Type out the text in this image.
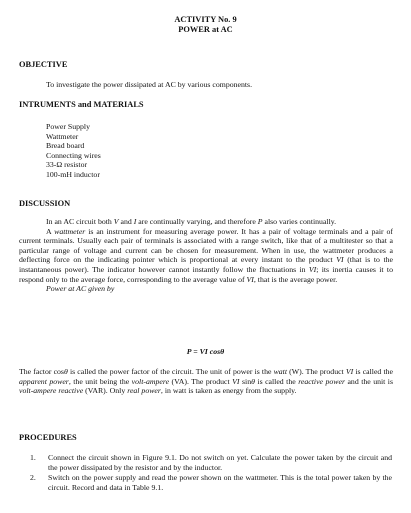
ACTIVITY No. 9
POWER at AC
OBJECTIVE
To investigate the power dissipated at AC by various components.
INTRUMENTS and MATERIALS
Power Supply
Wattmeter
Bread board
Connecting wires
33-Ω resistor
100-mH inductor
DISCUSSION

In an AC circuit both V and I are continually varying, and therefore P also varies continually.

A wattmeter is an instrument for measuring average power. It has a pair of voltage terminals and a pair of current terminals. Usually each pair of terminals is associated with a range switch, like that of a multitester so that a particular range of voltage and current can be chosen for measurement. When in use, the wattmeter produces a deflecting force on the indicating pointer which is proportional at every instant to the product VI (that is to the instantaneous power). The indicator however cannot instantly follow the fluctuations in VI; its inertia causes it to respond only to the average force, corresponding to the average value of VI, that is the average power.

Power at AC given by

P = VI cosθ

The factor cosθ is called the power factor of the circuit. The unit of power is the watt (W). The product VI is called the apparent power, the unit being the volt-ampere (VA). The product VI sinθ is called the reactive power and the unit is volt-ampere reactive (VAR). Only real power, in watt is taken as energy from the supply.

PROCEDURES
1. Connect the circuit shown in Figure 9.1. Do not switch on yet. Calculate the power taken by the circuit and the power dissipated by the resistor and by the inductor.
2. Switch on the power supply and read the power shown on the wattmeter. This is the total power taken by the circuit. Record and data in Table 9.1.
